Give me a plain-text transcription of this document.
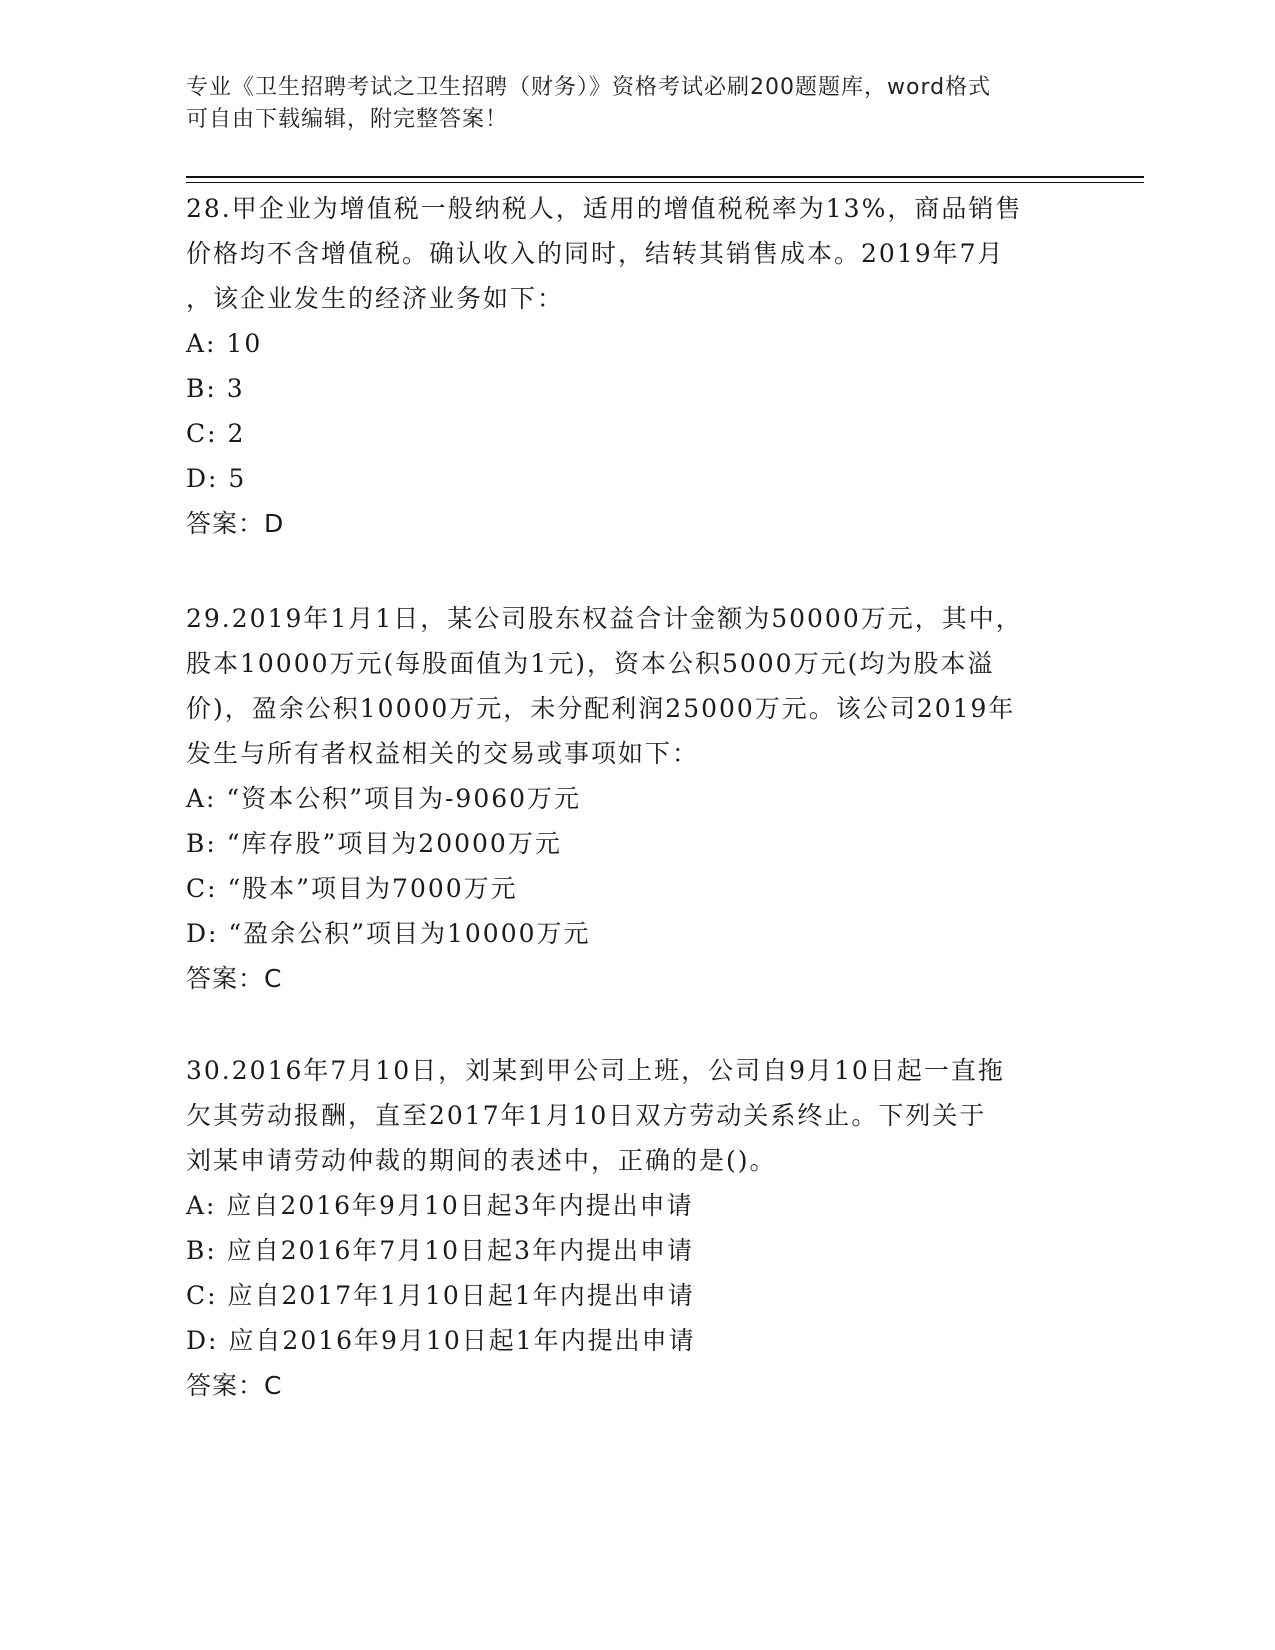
专业《卫生招聘考试之卫生招聘（财务）》资格考试必刷200题题库，word格式
可自由下载编辑，附完整答案！

28.甲企业为增值税一般纳税人，适用的增值税税率为13%，商品销售

价格均不含增值税。确认收入的同时，结转其销售成本。2019年7月

，该企业发生的经济业务如下：

A: 10

B: 3

C: 2

D: 5

答案：D

29.2019年1月1日，某公司股东权益合计金额为50000万元，其中，

股本10000万元(每股面值为1元)，资本公积5000万元(均为股本溢

价)，盈余公积10000万元，未分配利润25000万元。该公司2019年

发生与所有者权益相关的交易或事项如下：

A: “资本公积”项目为-9060万元

B: “库存股”项目为20000万元

C: “股本”项目为7000万元

D: “盈余公积”项目为10000万元

答案：C

30.2016年7月10日，刘某到甲公司上班，公司自9月10日起一直拖

欠其劳动报酬，直至2017年1月10日双方劳动关系终止。下列关于

刘某申请劳动仲裁的期间的表述中，正确的是()。

A: 应自2016年9月10日起3年内提出申请

B: 应自2016年7月10日起3年内提出申请

C: 应自2017年1月10日起1年内提出申请

D: 应自2016年9月10日起1年内提出申请

答案：C
